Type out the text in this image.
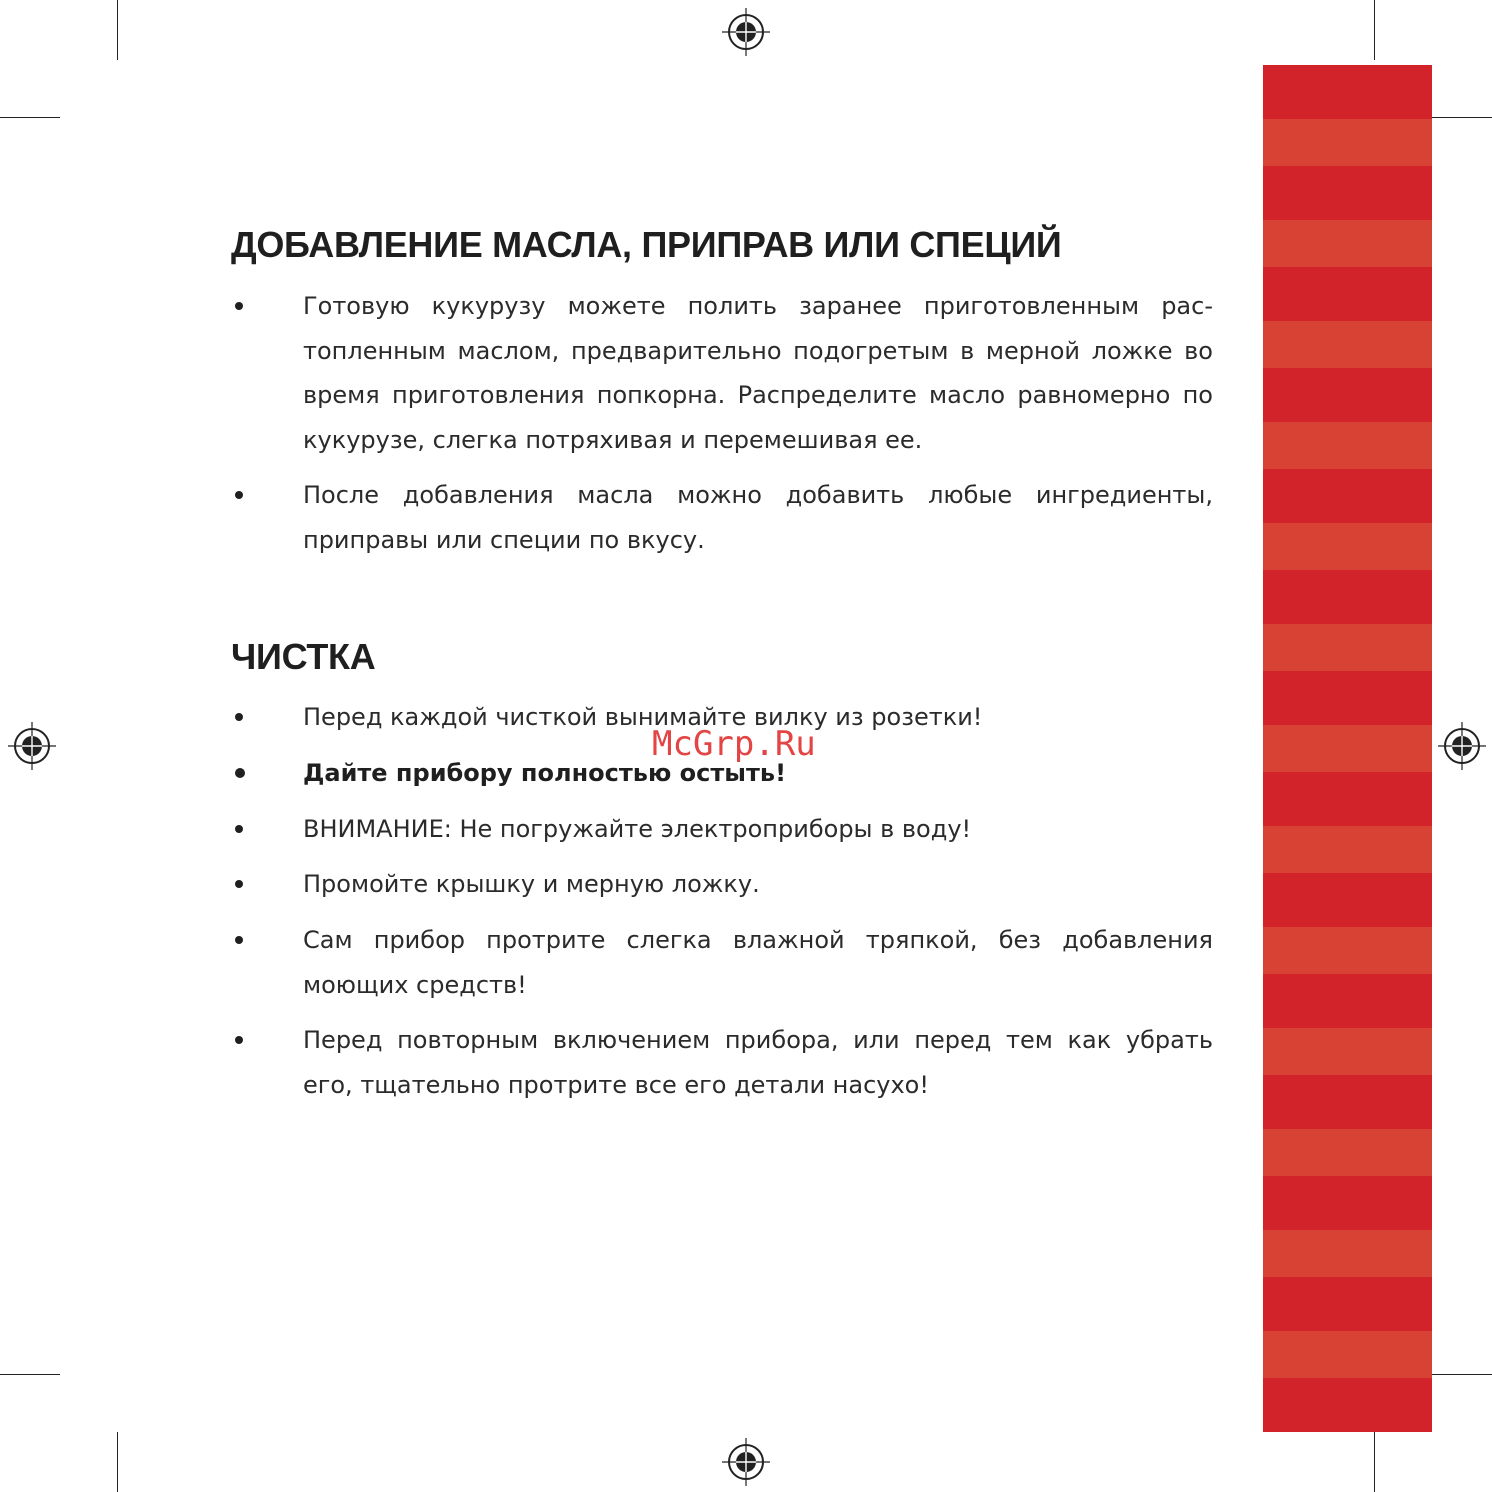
ДОБАВЛЕНИЕ МАСЛА, ПРИПРАВ ИЛИ СПЕЦИЙ
Готовую кукурузу можете полить заранее приготовленным рас-топленным маслом, предварительно подогретым в мерной ложке во время приготовления попкорна. Распределите масло равномерно по кукурузе, слегка потряхивая и перемешивая ее.
После добавления масла можно добавить любые ингредиенты, приправы или специи по вкусу.
ЧИСТКА
Перед каждой чисткой вынимайте вилку из розетки!
Дайте прибору полностью остыть!
ВНИМАНИЕ: Не погружайте электроприборы в воду!
Промойте крышку и мерную ложку.
Сам прибор протрите слегка влажной тряпкой, без добавления моющих средств!
Перед повторным включением прибора, или перед тем как убрать его, тщательно протрите все его детали насухо!
McGrp.Ru
